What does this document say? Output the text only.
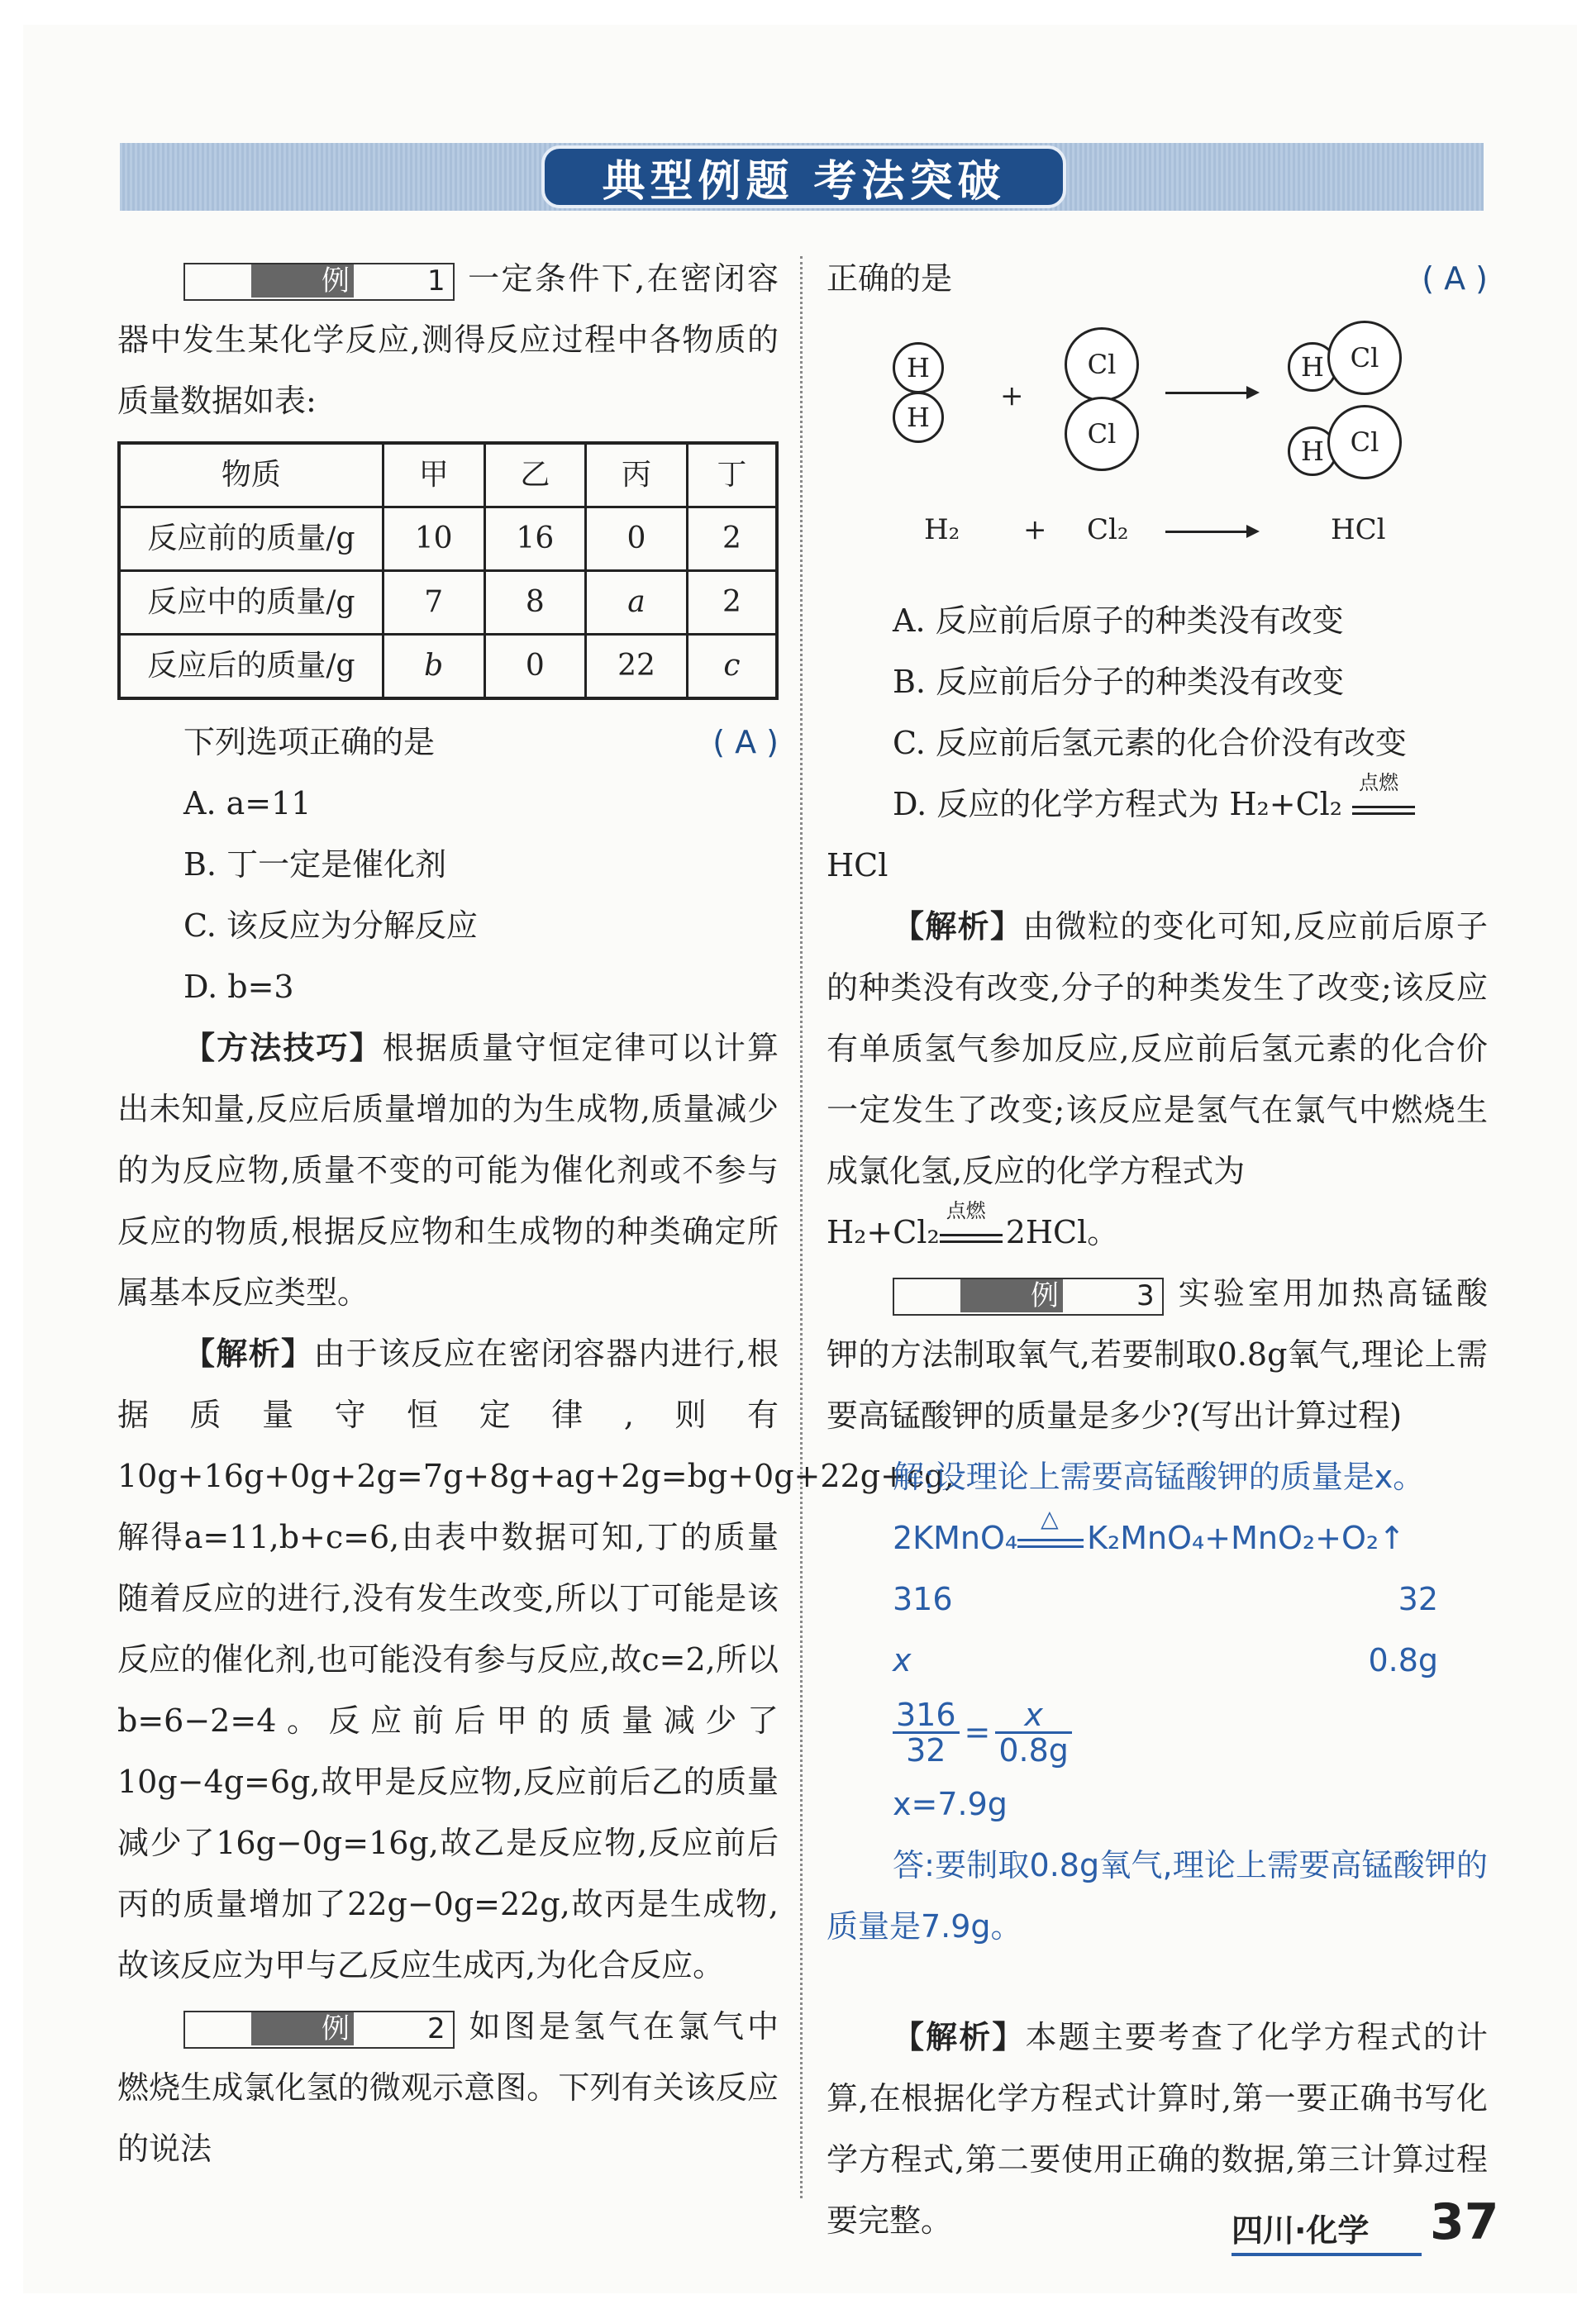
典型例题 考法突破

例	1 一定条件下,在密闭容器中发生某化学反应,测得反应过程中各物质的质量数据如表:

物质	甲	乙	丙	丁
反应前的质量/g	10	16	0	2
反应中的质量/g	7	8	a	2
反应后的质量/g	b	0	22	c
下列选项正确的是	( A )

A. a=11

B. 丁一定是催化剂

C. 该反应为分解反应

D. b=3

【方法技巧】根据质量守恒定律可以计算出未知量,反应后质量增加的为生成物,质量减少的为反应物,质量不变的可能为催化剂或不参与反应的物质,根据反应物和生成物的种类确定所属基本反应类型。

【解析】由于该反应在密闭容器内进行,根据质量守恒定律,则有10g+16g+0g+2g=7g+8g+ag+2g=bg+0g+22g+cg,解得a=11,b+c=6,由表中数据可知,丁的质量随着反应的进行,没有发生改变,所以丁可能是该反应的催化剂,也可能没有参与反应,故c=2,所以b=6−2=4。反应前后甲的质量减少了10g−4g=6g,故甲是反应物,反应前后乙的质量减少了16g−0g=16g,故乙是反应物,反应前后丙的质量增加了22g−0g=22g,故丙是生成物,故该反应为甲与乙反应生成丙,为化合反应。

例	2 如图是氢气在氯气中燃烧生成氯化氢的微观示意图。下列有关该反应的说法

正确的是	( A )
H
H
+
Cl
Cl
H Cl
H Cl
H₂ + Cl₂	HCl

A. 反应前后原子的种类没有改变

B. 反应前后分子的种类没有改变

C. 反应前后氢元素的化合价没有改变

D. 反应的化学方程式为 H₂+Cl₂
点燃

HCl

【解析】由微粒的变化可知,反应前后原子的种类没有改变,分子的种类发生了改变;该反应有单质氢气参加反应,反应前后氢元素的化合价一定发生了改变;该反应是氢气在氯气中燃烧生成氯化氢,反应的化学方程式为

H₂+Cl₂
点燃
2HCl。

例	3 实验室用加热高锰酸钾的方法制取氧气,若要制取0.8g氧气,理论上需要高锰酸钾的质量是多少?(写出计算过程)

解:设理论上需要高锰酸钾的质量是x。

2KMnO₄
△
K₂MnO₄+MnO₂+O₂↑

316	32
x	0.8g
$\frac{316}{32} = \frac{x}{0.8g}$

x=7.9g

答:要制取0.8g氧气,理论上需要高锰酸钾的质量是7.9g。

【解析】本题主要考查了化学方程式的计算,在根据化学方程式计算时,第一要正确书写化学方程式,第二要使用正确的数据,第三计算过程要完整。	四川·化学 37
